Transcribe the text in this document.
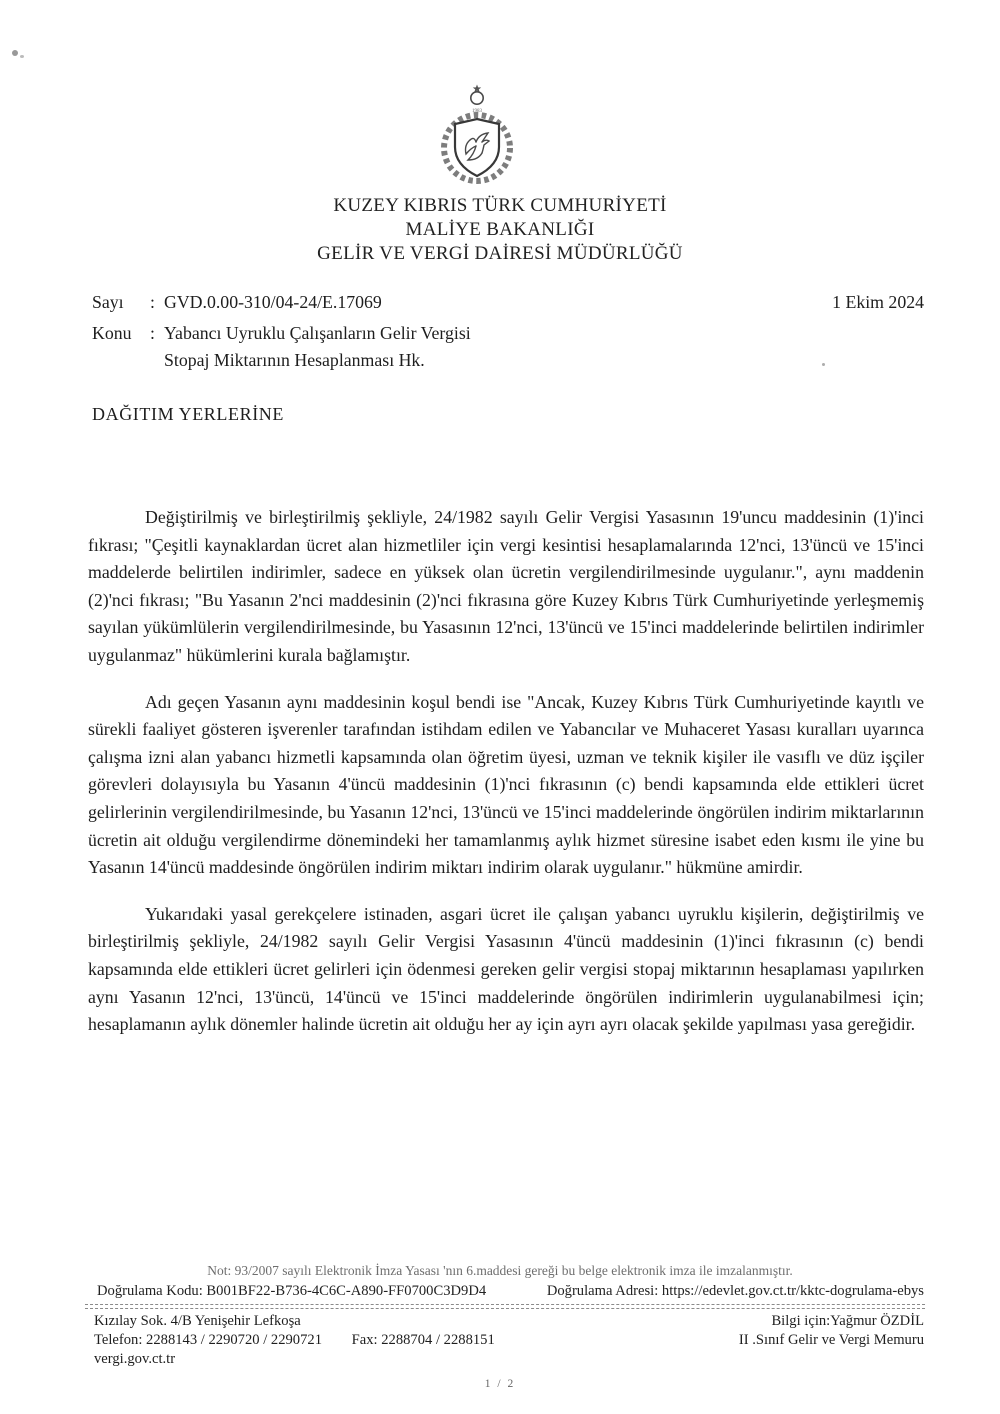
1983
KUZEY KIBRIS TÜRK CUMHURİYETİ
MALİYE BAKANLIĞI
GELİR VE VERGİ DAİRESİ MÜDÜRLÜĞÜ
Sayı	: GVD.0.00-310/04-24/E.17069	1 Ekim 2024
Konu	: Yabancı Uyruklu Çalışanların Gelir Vergisi
Stopaj Miktarının Hesaplanması Hk.
DAĞITIM YERLERİNE

Değiştirilmiş ve birleştirilmiş şekliyle, 24/1982 sayılı Gelir Vergisi Yasasının 19'uncu maddesinin (1)'inci fıkrası; "Çeşitli kaynaklardan ücret alan hizmetliler için vergi kesintisi hesaplamalarında 12'nci, 13'üncü ve 15'inci maddelerde belirtilen indirimler, sadece en yüksek olan ücretin vergilendirilmesinde uygulanır.", aynı maddenin (2)'nci fıkrası; "Bu Yasanın 2'nci maddesinin (2)'nci fıkrasına göre Kuzey Kıbrıs Türk Cumhuriyetinde yerleşmemiş sayılan yükümlülerin vergilendirilmesinde, bu Yasasının 12'nci, 13'üncü ve 15'inci maddelerinde belirtilen indirimler uygulanmaz" hükümlerini kurala bağlamıştır.

Adı geçen Yasanın aynı maddesinin koşul bendi ise "Ancak, Kuzey Kıbrıs Türk Cumhuriyetinde kayıtlı ve sürekli faaliyet gösteren işverenler tarafından istihdam edilen ve Yabancılar ve Muhaceret Yasası kuralları uyarınca çalışma izni alan yabancı hizmetli kapsamında olan öğretim üyesi, uzman ve teknik kişiler ile vasıflı ve düz işçiler görevleri dolayısıyla bu Yasanın 4'üncü maddesinin (1)'nci fıkrasının (c) bendi kapsamında elde ettikleri ücret gelirlerinin vergilendirilmesinde, bu Yasanın 12'nci, 13'üncü ve 15'inci maddelerinde öngörülen indirim miktarlarının ücretin ait olduğu vergilendirme dönemindeki her tamamlanmış aylık hizmet süresine isabet eden kısmı ile yine bu Yasanın 14'üncü maddesinde öngörülen indirim miktarı indirim olarak uygulanır." hükmüne amirdir.

Yukarıdaki yasal gerekçelere istinaden, asgari ücret ile çalışan yabancı uyruklu kişilerin, değiştirilmiş ve birleştirilmiş şekliyle, 24/1982 sayılı Gelir Vergisi Yasasının 4'üncü maddesinin (1)'inci fıkrasının (c) bendi kapsamında elde ettikleri ücret gelirleri için ödenmesi gereken gelir vergisi stopaj miktarının hesaplaması yapılırken aynı Yasanın 12'nci, 13'üncü, 14'üncü ve 15'inci maddelerinde öngörülen indirimlerin uygulanabilmesi için; hesaplamanın aylık dönemler halinde ücretin ait olduğu her ay için ayrı ayrı olacak şekilde yapılması yasa gereğidir.

Not: 93/2007 sayılı Elektronik İmza Yasası 'nın 6.maddesi gereği bu belge elektronik imza ile imzalanmıştır.
Doğrulama Kodu: B001BF22-B736-4C6C-A890-FF0700C3D9D4	Doğrulama Adresi: https://edevlet.gov.ct.tr/kktc-dogrulama-ebys
Kızılay Sok. 4/B Yenişehir Lefkoşa
Telefon: 2288143 / 2290720 / 2290721 Fax: 2288704 / 2288151
vergi.gov.ct.tr
Bilgi için:Yağmur ÖZDİL
II .Sınıf Gelir ve Vergi Memuru
1 / 2
